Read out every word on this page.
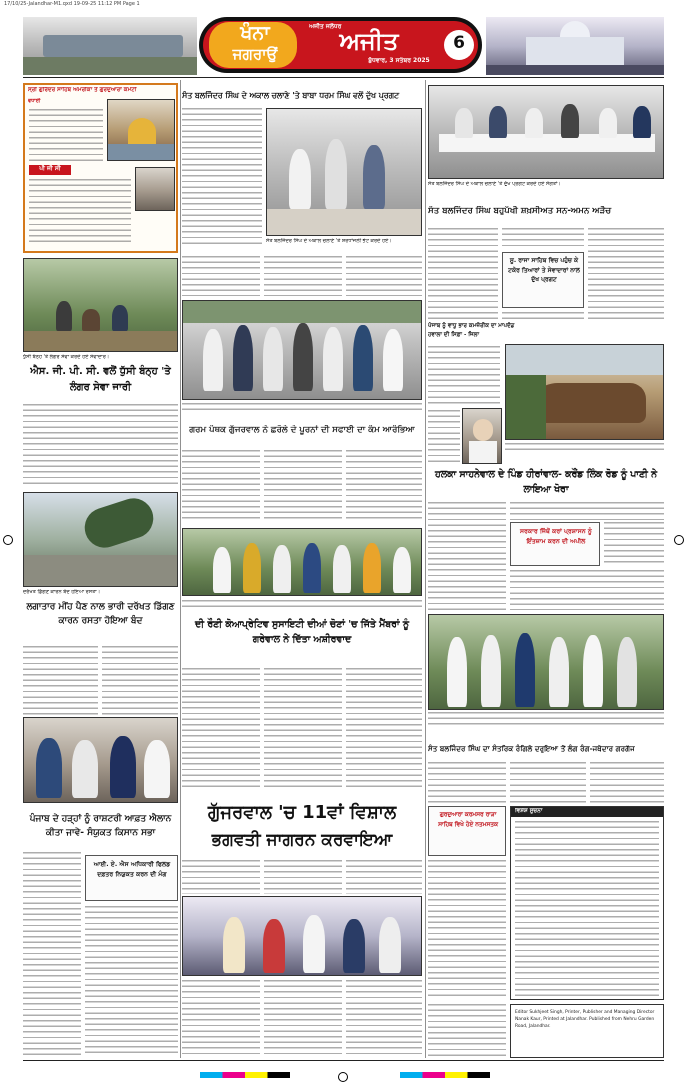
17/10/25-Jalandhar-M1.qxd 19-09-25 11:12 PM Page 1
ਖੰਨਾ
ਜਗਰਾਉਂ
ਅਜੀਤ ਜਲੰਧਰ
ਅਜੀਤ
ਬੁੱਧਵਾਰ, 3 ਸਤੰਬਰ 2025
6
ਸ੍ਰੀ ਗੁਰਿੰਦਰ ਸਾਹਿਬ ਅਮਰੀਕਾ ਤੇ ਗੁਰਦੁਆਰਾ ਕਮੇਟੀ
ਵਧਾਈ
ਪੀ ਜੀ ਸੀ
ਧੁੱਸੀ ਬੰਨ੍ਹ 'ਤੇ ਲੰਗਰ ਸੇਵਾ ਕਰਦੇ ਹੋਏ ਸੇਵਾਦਾਰ।
ਐਸ. ਜੀ. ਪੀ. ਸੀ. ਵਲੋਂ ਧੁੱਸੀ ਬੰਨ੍ਹ 'ਤੇ ਲੰਗਰ ਸੇਵਾ ਜਾਰੀ
ਦਰੱਖਤ ਡਿੱਗਣ ਕਾਰਨ ਬੰਦ ਹੋਇਆ ਰਸਤਾ।
ਲਗਾਤਾਰ ਮੀਂਹ ਪੈਣ ਨਾਲ ਭਾਰੀ ਦਰੱਖਤ ਡਿੱਗਣ ਕਾਰਨ ਰਸਤਾ ਹੋਇਆ ਬੰਦ
ਪੰਜਾਬ ਦੇ ਹੜ੍ਹਾਂ ਨੂੰ ਰਾਸ਼ਟਰੀ ਆਫ਼ਤ ਐਲਾਨ ਕੀਤਾ ਜਾਵੇ- ਸੰਯੁਕਤ ਕਿਸਾਨ ਸਭਾ
ਆਈ. ਏ. ਐਸ ਅਧਿਕਾਰੀ ਫਿਲਡ ਦਫ਼ਤਰ ਨਿਯੁਕਤ ਕਰਨ ਦੀ ਮੰਗ
ਸੰਤ ਬਲਜਿੰਦਰ ਸਿੰਘ ਦੇ ਅਕਾਲ ਚਲਾਣੇ 'ਤੇ ਬਾਬਾ ਧਰਮ ਸਿੰਘ ਵਲੋਂ ਦੁੱਖ ਪ੍ਰਗਟ
ਸੰਤ ਬਲਜਿੰਦਰ ਸਿੰਘ ਦੇ ਅਕਾਲ ਚਲਾਣੇ 'ਤੇ ਸ਼ਰਧਾਂਜਲੀ ਭੇਟ ਕਰਦੇ ਹੋਏ।
ਗਰਮ ਪੰਥਕ ਗੁੱਜਰਵਾਲ ਨੇ ਛਰੋਲੇ ਦੇ ਪੂਰਨਾਂ ਦੀ ਸਫਾਈ ਦਾ ਕੰਮ ਆਰੰਭਿਆ
ਦੀ ਰੌਣੀ ਕੋਆਪ੍ਰੇਟਿਵ ਸੁਸਾਇਟੀ ਦੀਆਂ ਚੋਣਾਂ 'ਚ ਜਿੱਤੇ ਮੈਂਬਰਾਂ ਨੂੰ ਗਰੇਵਾਲ ਨੇ ਦਿੱਤਾ ਅਸ਼ੀਰਵਾਦ
ਗੁੱਜਰਵਾਲ 'ਚ 11ਵਾਂ ਵਿਸ਼ਾਲ
ਭਗਵਤੀ ਜਾਗਰਨ ਕਰਵਾਇਆ
ਸੰਤ ਬਲਜਿੰਦਰ ਸਿੰਘ ਦੇ ਅਕਾਲ ਚਲਾਣੇ 'ਤੇ ਦੁੱਖ ਪ੍ਰਗਟ ਕਰਦੇ ਹੋਏ ਸੰਗਤਾਂ।
ਸੰਤ ਬਲਜਿੰਦਰ ਸਿੰਘ ਬਹੁਪੱਖੀ ਸ਼ਖ਼ਸੀਅਤ ਸਨ-ਅਮਨ ਅੜੈਚ
ਸੂ. ਰਾਜਾ ਸਾਹਿਬ ਵਿਚ ਪਹੁੰਚ ਕੇ ਟਕੋਰ ਤਿਆਰਾਂ ਤੇ ਸੇਵਾਦਾਰਾਂ ਨਾਲ ਦੁੱਖ ਪ੍ਰਗਟ
ਪੰਜਾਬ ਨੂੰ ਵਾਧੂ ਭਾਰ ਕਮਜ਼ੋਰੀਕ ਦਾ ਮਾਪਦੰਡ ਹਵਾਲਾ ਦੀ ਸਿਫ਼ਾ - ਜਿਲਾ
ਹਲਕਾ ਸਾਹਨੇਵਾਲ ਦੇ ਪਿੰਡ ਹੀਰਾਂਵਾਲ- ਕਰੌਂਡ ਲਿੰਕ ਰੋਡ ਨੂੰ ਪਾਣੀ ਨੇ ਲਾਇਆ ਖੋਰਾ
ਸਰਕਾਰ ਜਿੱਥੋਂ ਕਰਾਂ ਪ੍ਰਸ਼ਾਸਨ ਨੂੰ ਇੰਤਜ਼ਾਮ ਕਰਨ ਦੀ ਅਪੀਲ
ਸੰਤ ਬਲਜਿੰਦਰ ਸਿੰਘ ਦਾ ਸੰਤਰਿਕ ਰੰਗਿਲੇ ਦਰੁਇਆ ਤੋਂ ਲੰਗ ਰੰਗ-ਜਥੇਦਾਰ ਗਰਗੱਜ
ਗੁਰਦੁਆਰਾ ਕਰਮਸਰ ਰਾੜਾ ਸਾਹਿਬ ਵਿਖੇ ਹੋਏ ਨਤਮਸਤਕ
ਵਿਸ਼ੇਸ਼ ਸੂਚਨਾ
Editor Sukhjeet Singh, Printer, Publisher and Managing Director Nanak Kaur, Printed at Jalandhar. Published from Nehru Garden Road, Jalandhar.
